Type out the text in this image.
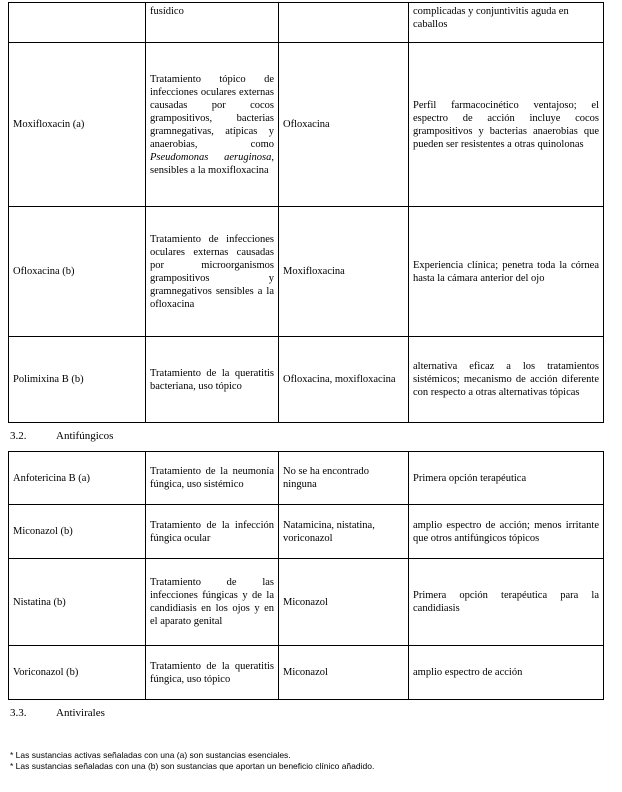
	fusídico		complicadas y conjuntivitis aguda en caballos
Moxifloxacin (a)	Tratamiento tópico de infecciones oculares externas causadas por cocos grampositivos, bacterias gramnegativas, atípicas y anaerobias, como Pseudomonas aeruginosa, sensibles a la moxifloxacina	Ofloxacina	Perfil farmacocinético ventajoso; el espectro de acción incluye cocos grampositivos y bacterias anaerobias que pueden ser resistentes a otras quinolonas
Ofloxacina (b)	Tratamiento de infecciones oculares externas causadas por microorganismos grampositivos y gramnegativos sensibles a la ofloxacina	Moxifloxacina	Experiencia clínica; penetra toda la córnea hasta la cámara anterior del ojo
Polimixina B (b)	Tratamiento de la queratitis bacteriana, uso tópico	Ofloxacina, moxifloxacina	alternativa eficaz a los tratamientos sistémicos; mecanismo de acción diferente con respecto a otras alternativas tópicas
3.2.	Antifúngicos
Anfotericina B (a)	Tratamiento de la neumonía fúngica, uso sistémico	No se ha encontrado ninguna	Primera opción terapéutica
Miconazol (b)	Tratamiento de la infección fúngica ocular	Natamicina, nistatina, voriconazol	amplio espectro de acción; menos irritante que otros antifúngicos tópicos
Nistatina (b)	Tratamiento de las infecciones fúngicas y de la candidiasis en los ojos y en el aparato genital	Miconazol	Primera opción terapéutica para la candidiasis
Voriconazol (b)	Tratamiento de la queratitis fúngica, uso tópico	Miconazol	amplio espectro de acción
3.3.	Antivirales
* Las sustancias activas señaladas con una (a) son sustancias esenciales.
* Las sustancias señaladas con una (b) son sustancias que aportan un beneficio clínico añadido.
